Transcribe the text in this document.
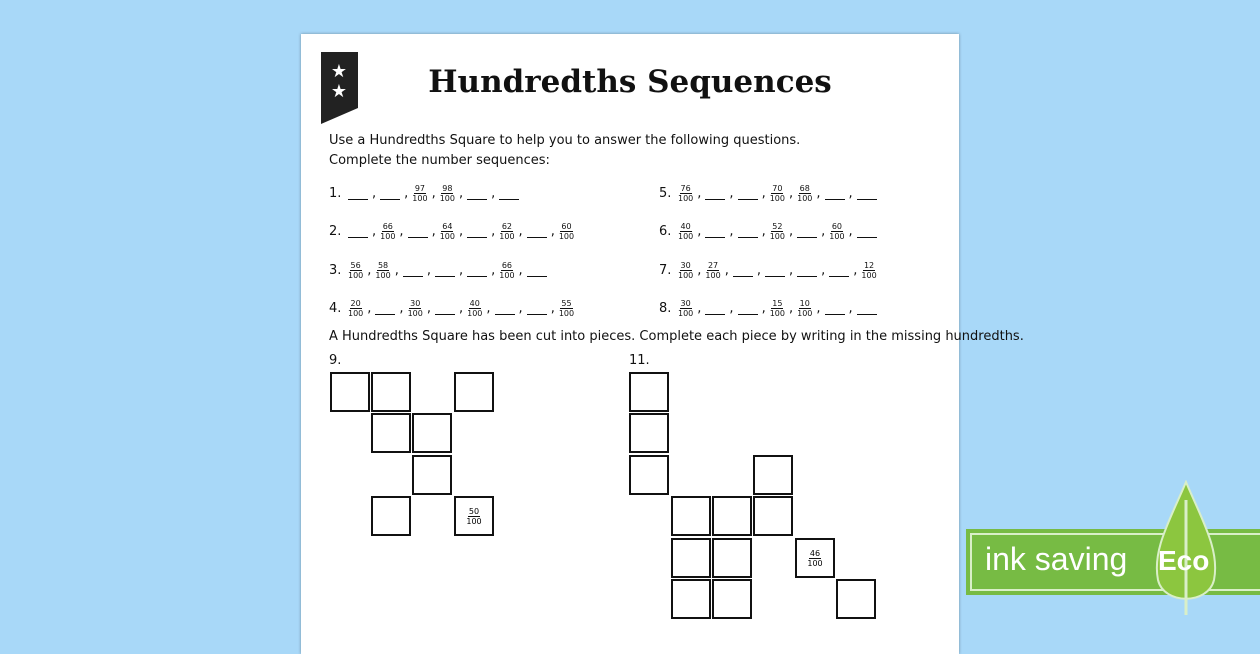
★
★	Hundredths Sequences
Use a Hundredths Square to help you to answer the following questions.
Complete the number sequences:
1.	, , $\frac{97}{100}$ , $\frac{98}{100}$ , ,
2.	, $\frac{66}{100}$ , , $\frac{64}{100}$ , , $\frac{62}{100}$ , , $\frac{60}{100}$
3. $\frac{56}{100}$ , $\frac{58}{100}$ , , , , $\frac{66}{100}$ ,
4. $\frac{20}{100}$ , , $\frac{30}{100}$ , , $\frac{40}{100}$ , , , $\frac{55}{100}$
5. $\frac{76}{100}$ , , , $\frac{70}{100}$ , $\frac{68}{100}$ , ,
6. $\frac{40}{100}$ , , , $\frac{52}{100}$ , , $\frac{60}{100}$ ,
7. $\frac{30}{100}$ , $\frac{27}{100}$ , , , , , $\frac{12}{100}$
8. $\frac{30}{100}$ , , , $\frac{15}{100}$ , $\frac{10}{100}$ , ,
A Hundredths Square has been cut into pieces. Complete each piece by writing in the missing hundredths.
9.	11.
$\frac{50}{100}$
$\frac{46}{100}$	ink saving Eco
